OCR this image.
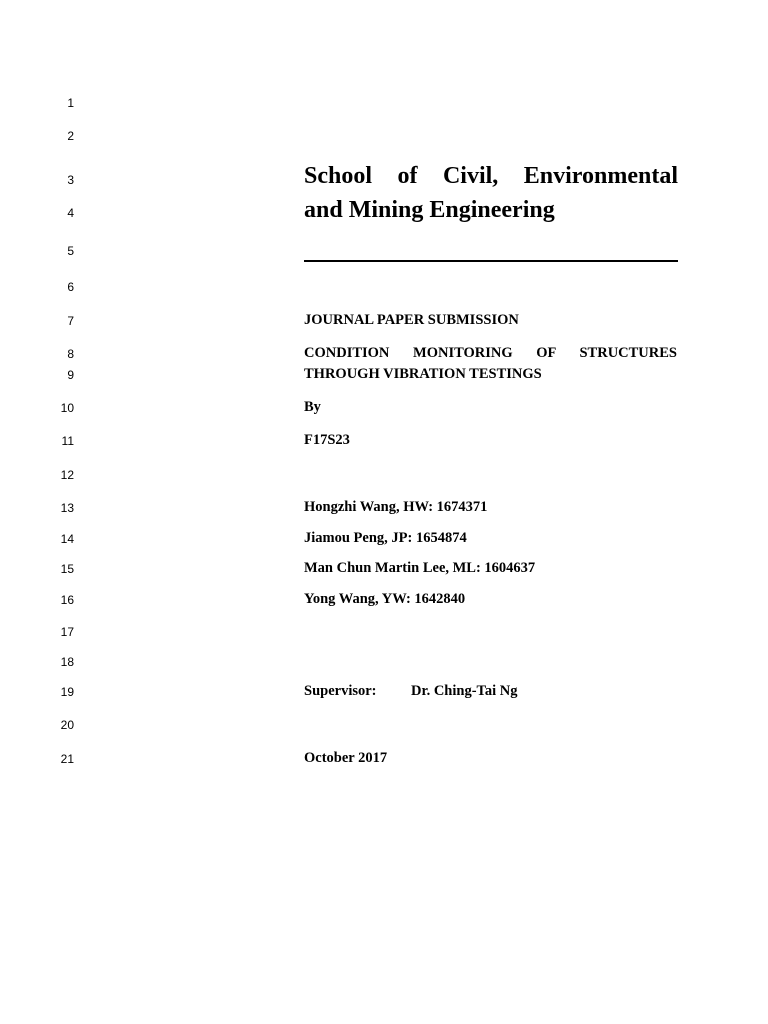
1
2
3
4
5
6
7
8
9
10
11
12
13
14
15
16
17
18
19
20
21
School of Civil, Environmental
and Mining Engineering
JOURNAL PAPER SUBMISSION
CONDITION MONITORING OF STRUCTURES
THROUGH VIBRATION TESTINGS
By
F17S23
Hongzhi Wang, HW: 1674371
Jiamou Peng, JP: 1654874
Man Chun Martin Lee, ML: 1604637
Yong Wang, YW: 1642840
Supervisor: Dr. Ching-Tai Ng
October 2017
